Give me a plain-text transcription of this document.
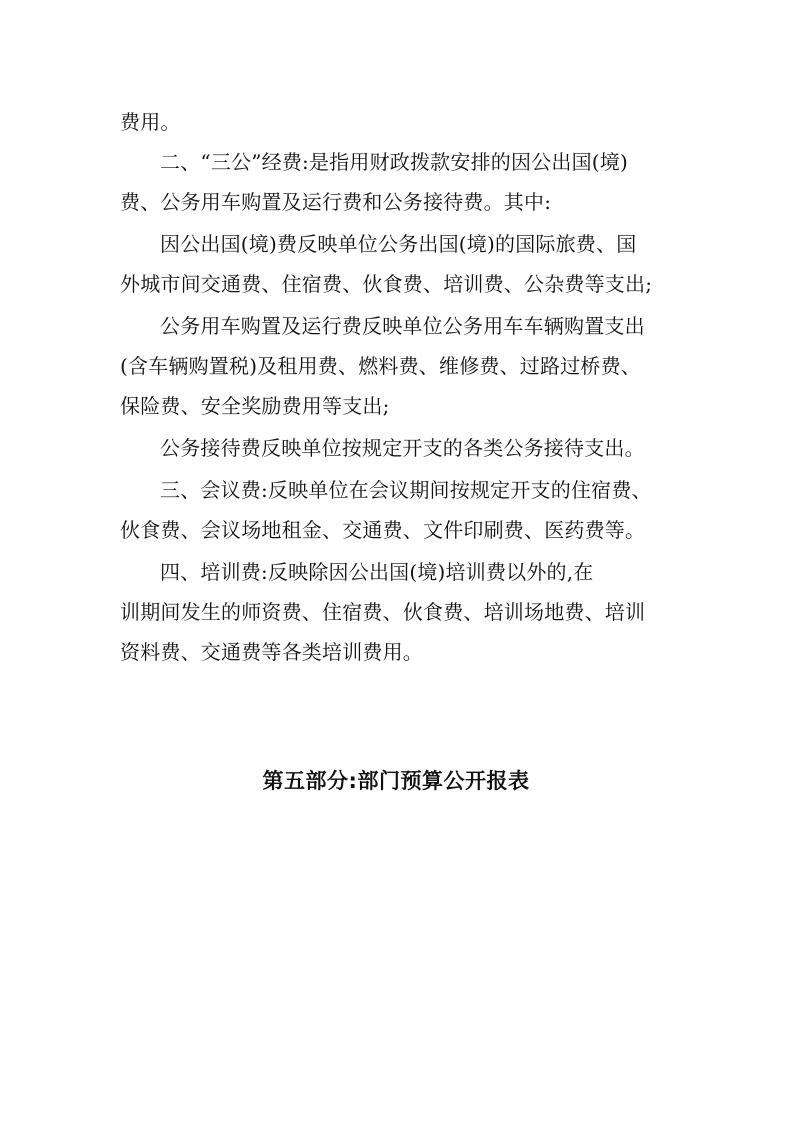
费用。
二、“三公”经费:是指用财政拨款安排的因公出国(境)
费、公务用车购置及运行费和公务接待费。其中:
因公出国(境)费反映单位公务出国(境)的国际旅费、国
外城市间交通费、住宿费、伙食费、培训费、公杂费等支出;
公务用车购置及运行费反映单位公务用车车辆购置支出
(含车辆购置税)及租用费、燃料费、维修费、过路过桥费、
保险费、安全奖励费用等支出;
公务接待费反映单位按规定开支的各类公务接待支出。
三、会议费:反映单位在会议期间按规定开支的住宿费、
伙食费、会议场地租金、交通费、文件印刷费、医药费等。
四、培训费:反映除因公出国(境)培训费以外的,在
训期间发生的师资费、住宿费、伙食费、培训场地费、培训
资料费、交通费等各类培训费用。
第五部分:部门预算公开报表
